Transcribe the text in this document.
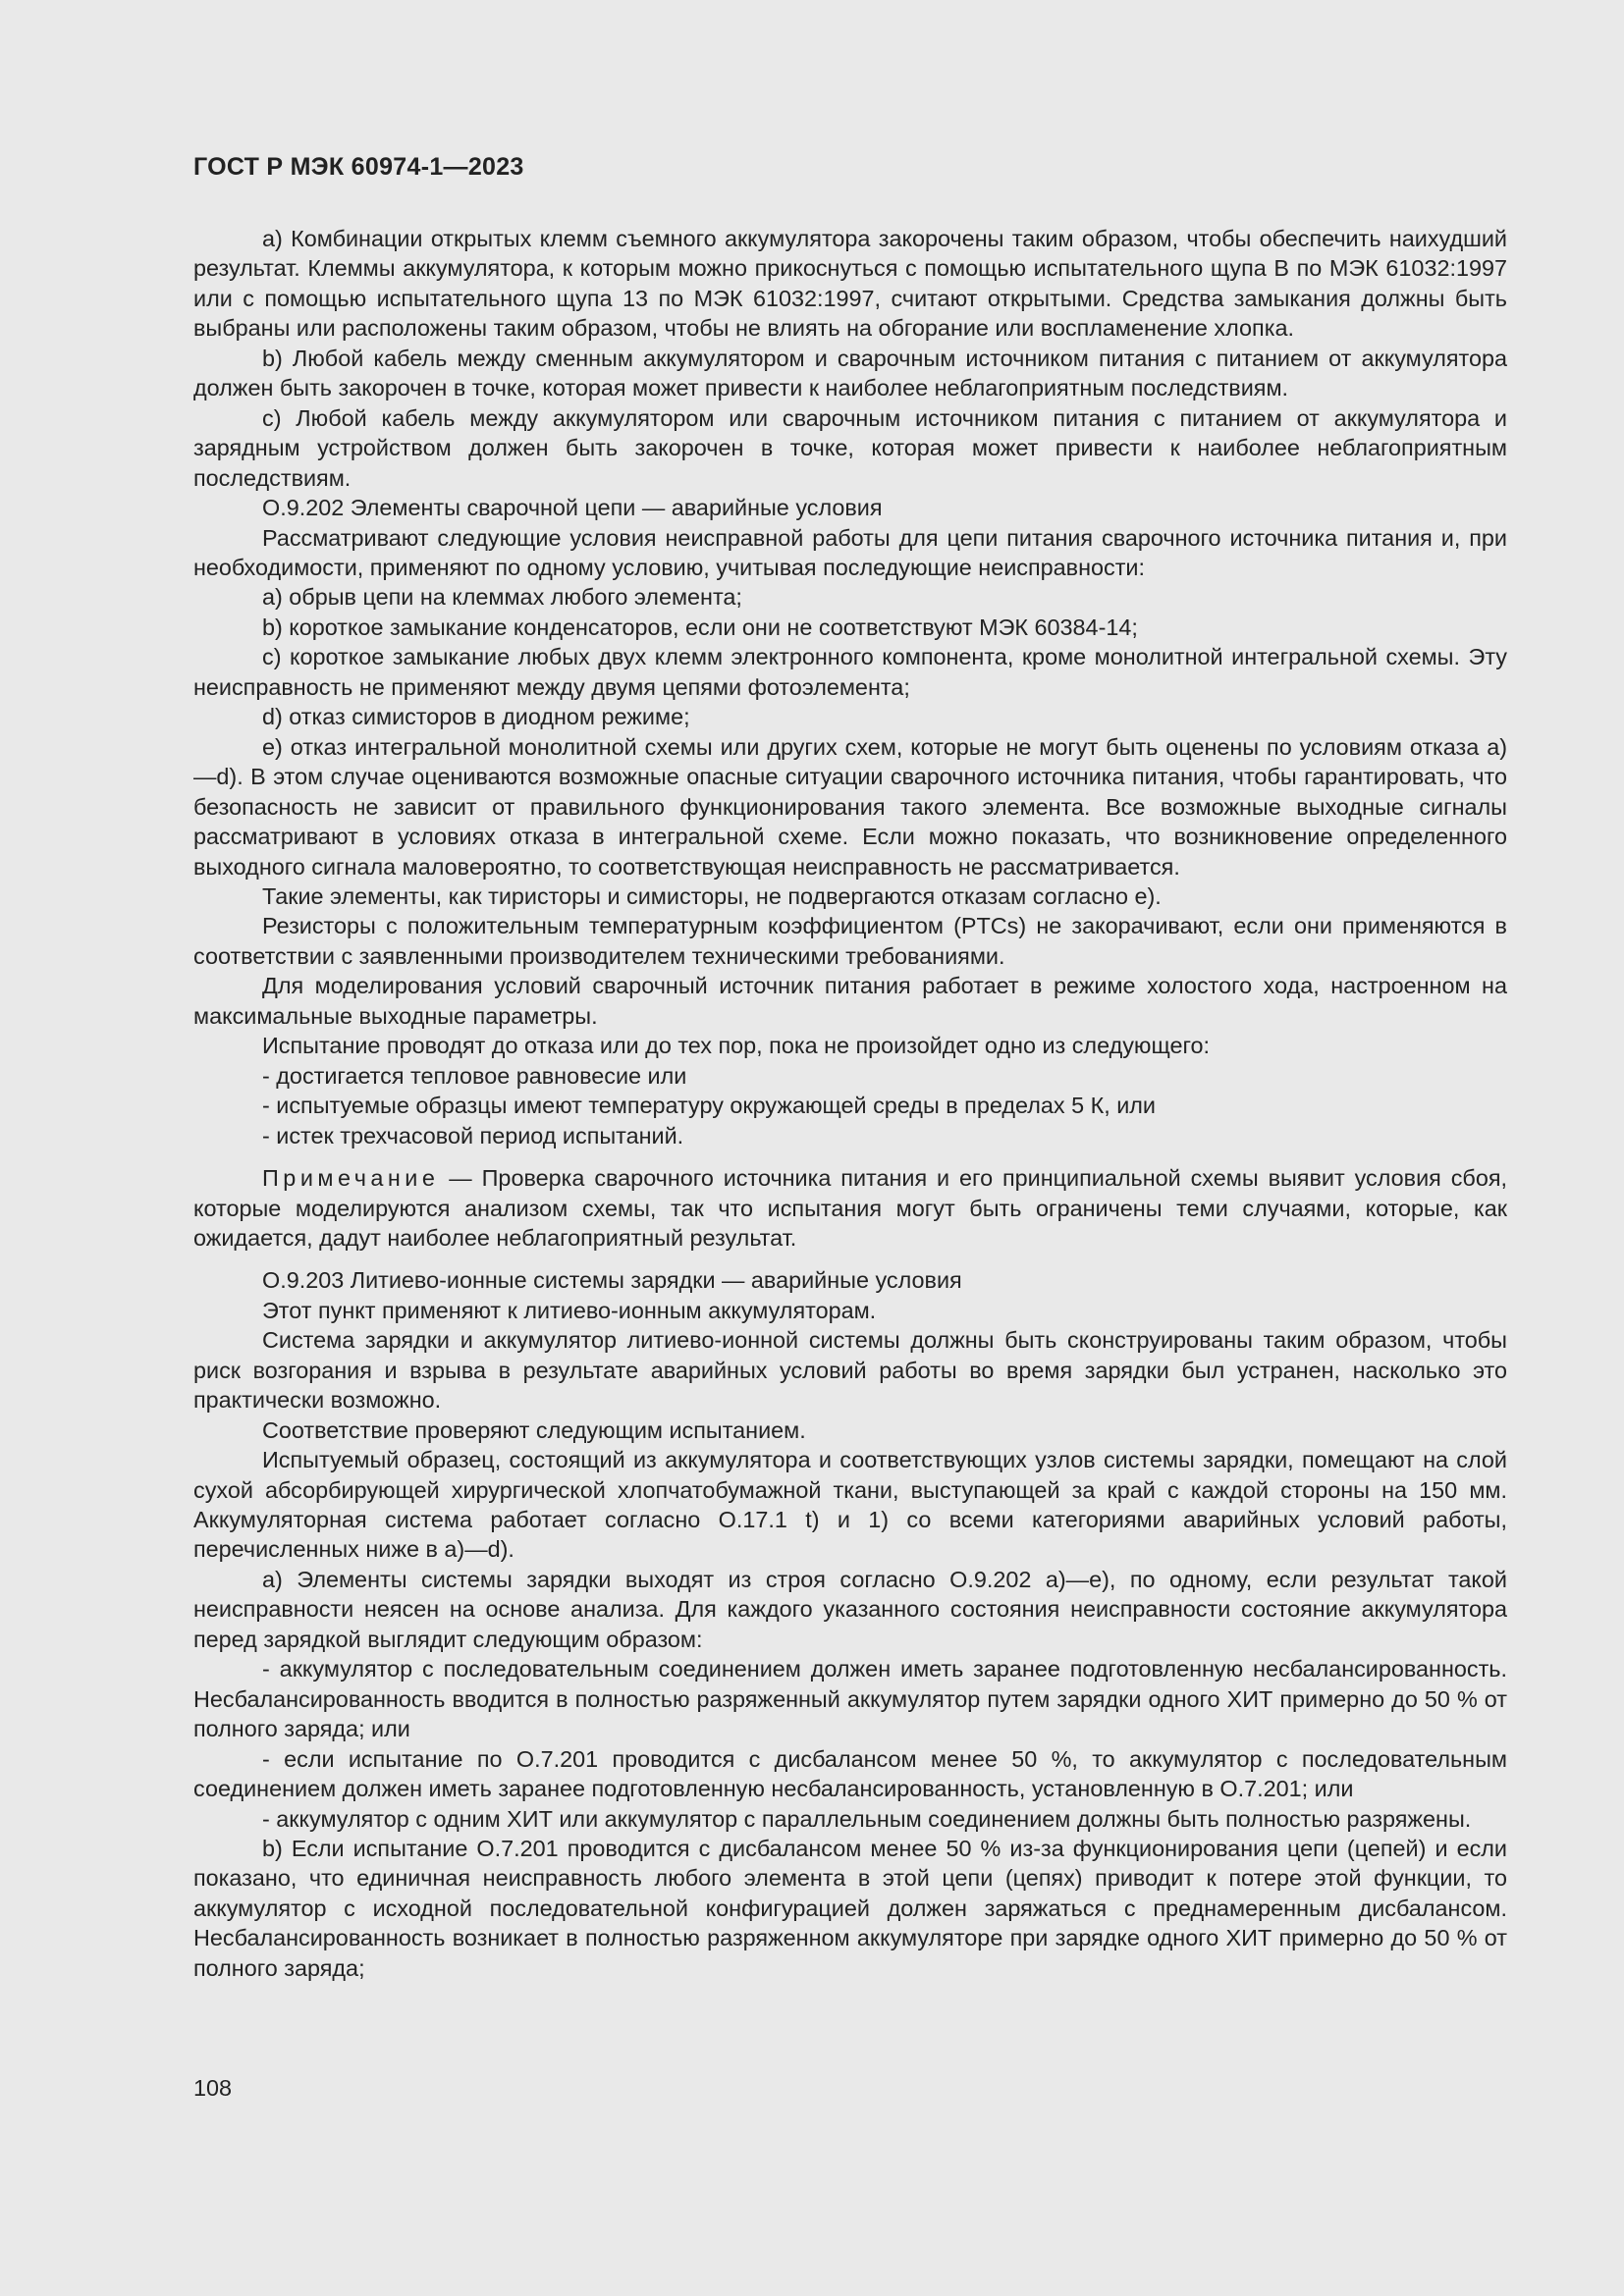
ГОСТ Р МЭК 60974-1—2023

а) Комбинации открытых клемм съемного аккумулятора закорочены таким образом, чтобы обеспечить наихудший результат. Клеммы аккумулятора, к которым можно прикоснуться с помощью испытательного щупа В по МЭК 61032:1997 или с помощью испытательного щупа 13 по МЭК 61032:1997, считают открытыми. Средства замыкания должны быть выбраны или расположены таким образом, чтобы не влиять на обгорание или воспламенение хлопка.

b) Любой кабель между сменным аккумулятором и сварочным источником питания с питанием от аккумулятора должен быть закорочен в точке, которая может привести к наиболее неблагоприятным последствиям.

c) Любой кабель между аккумулятором или сварочным источником питания с питанием от аккумулятора и зарядным устройством должен быть закорочен в точке, которая может привести к наиболее неблагоприятным последствиям.

O.9.202 Элементы сварочной цепи — аварийные условия

Рассматривают следующие условия неисправной работы для цепи питания сварочного источника питания и, при необходимости, применяют по одному условию, учитывая последующие неисправности:

a) обрыв цепи на клеммах любого элемента;

b) короткое замыкание конденсаторов, если они не соответствуют МЭК 60384-14;

c) короткое замыкание любых двух клемм электронного компонента, кроме монолитной интегральной схемы. Эту неисправность не применяют между двумя цепями фотоэлемента;

d) отказ симисторов в диодном режиме;

e) отказ интегральной монолитной схемы или других схем, которые не могут быть оценены по условиям отказа a)—d). В этом случае оцениваются возможные опасные ситуации сварочного источника питания, чтобы гарантировать, что безопасность не зависит от правильного функционирования такого элемента. Все возможные выходные сигналы рассматривают в условиях отказа в интегральной схеме. Если можно показать, что возникновение определенного выходного сигнала маловероятно, то соответствующая неисправность не рассматривается.

Такие элементы, как тиристоры и симисторы, не подвергаются отказам согласно е).

Резисторы с положительным температурным коэффициентом (PTCs) не закорачивают, если они применяются в соответствии с заявленными производителем техническими требованиями.

Для моделирования условий сварочный источник питания работает в режиме холостого хода, настроенном на максимальные выходные параметры.

Испытание проводят до отказа или до тех пор, пока не произойдет одно из следующего:

- достигается тепловое равновесие или

- испытуемые образцы имеют температуру окружающей среды в пределах 5 К, или

- истек трехчасовой период испытаний.

Примечание — Проверка сварочного источника питания и его принципиальной схемы выявит условия сбоя, которые моделируются анализом схемы, так что испытания могут быть ограничены теми случаями, которые, как ожидается, дадут наиболее неблагоприятный результат.

O.9.203 Литиево-ионные системы зарядки — аварийные условия

Этот пункт применяют к литиево-ионным аккумуляторам.

Система зарядки и аккумулятор литиево-ионной системы должны быть сконструированы таким образом, чтобы риск возгорания и взрыва в результате аварийных условий работы во время зарядки был устранен, насколько это практически возможно.

Соответствие проверяют следующим испытанием.

Испытуемый образец, состоящий из аккумулятора и соответствующих узлов системы зарядки, помещают на слой сухой абсорбирующей хирургической хлопчатобумажной ткани, выступающей за край с каждой стороны на 150 мм. Аккумуляторная система работает согласно O.17.1 t) и 1) со всеми категориями аварийных условий работы, перечисленных ниже в a)—d).

a) Элементы системы зарядки выходят из строя согласно O.9.202 a)—e), по одному, если результат такой неисправности неясен на основе анализа. Для каждого указанного состояния неисправности состояние аккумулятора перед зарядкой выглядит следующим образом:

- аккумулятор с последовательным соединением должен иметь заранее подготовленную несбалансированность. Несбалансированность вводится в полностью разряженный аккумулятор путем зарядки одного ХИТ примерно до 50 % от полного заряда; или

- если испытание по O.7.201 проводится с дисбалансом менее 50 %, то аккумулятор с последовательным соединением должен иметь заранее подготовленную несбалансированность, установленную в O.7.201; или

- аккумулятор с одним ХИТ или аккумулятор с параллельным соединением должны быть полностью разряжены.

b) Если испытание O.7.201 проводится с дисбалансом менее 50 % из-за функционирования цепи (цепей) и если показано, что единичная неисправность любого элемента в этой цепи (цепях) приводит к потере этой функции, то аккумулятор с исходной последовательной конфигурацией должен заряжаться с преднамеренным дисбалансом. Несбалансированность возникает в полностью разряженном аккумуляторе при зарядке одного ХИТ примерно до 50 % от полного заряда;

108
